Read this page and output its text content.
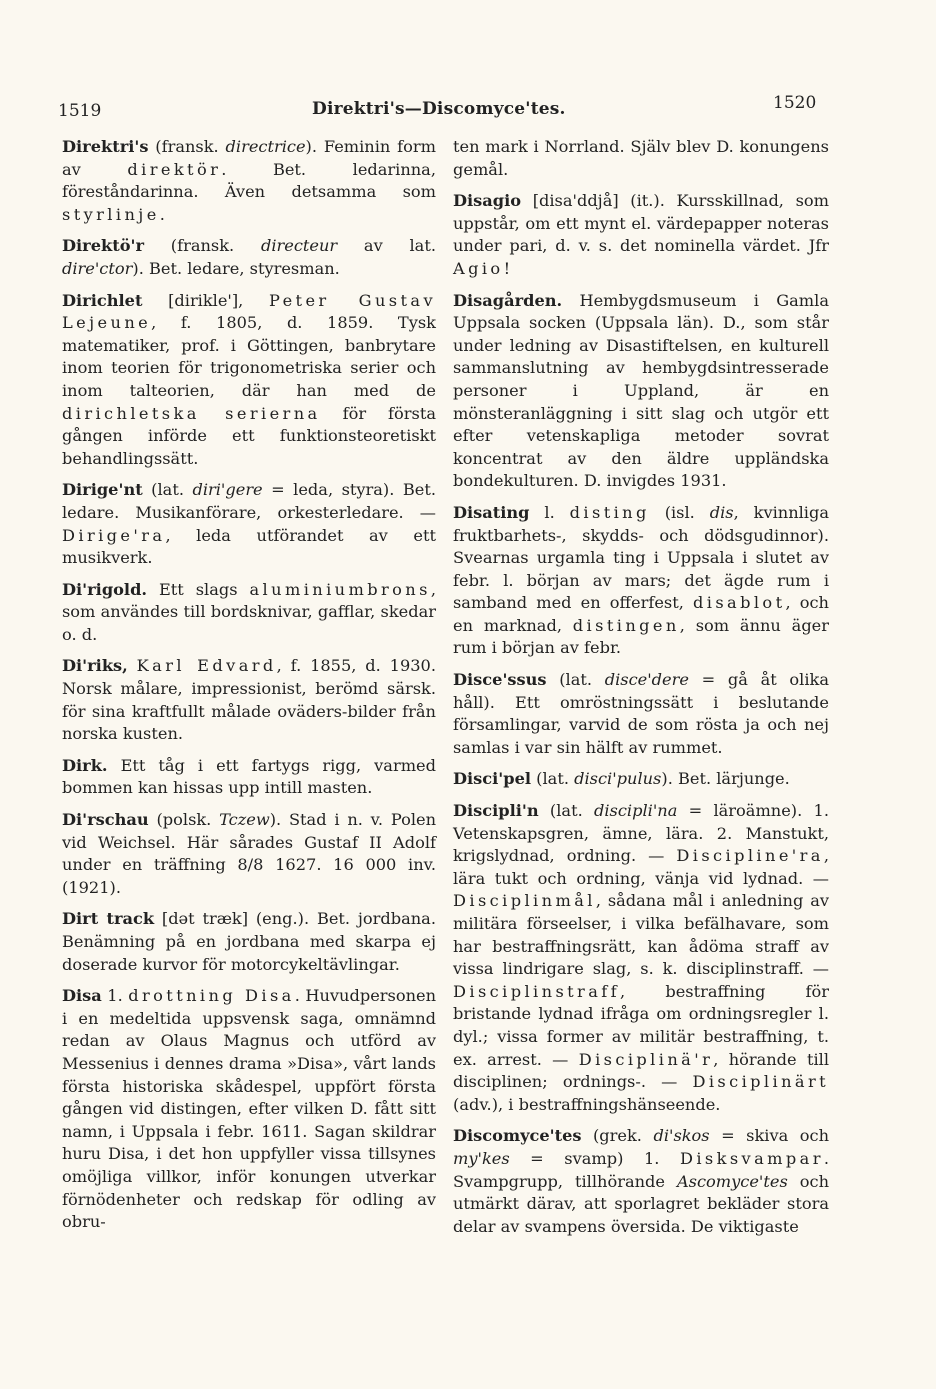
1519	Direktri's—Discomyce'tes.	1520

Direktri's (fransk. directrice). Feminin form av direktör. Bet. ledarinna, föreståndarinna. Även detsamma som styrlinje.

Direktö'r (fransk. directeur av lat. dire'ctor). Bet. ledare, styresman.

Dirichlet [dirikle'], Peter Gustav Lejeune, f. 1805, d. 1859. Tysk matematiker, prof. i Göttingen, banbrytare inom teorien för trigonometriska serier och inom talteorien, där han med de dirichletska serierna för första gången införde ett funktionsteoretiskt behandlingssätt.

Dirige'nt (lat. diri'gere = leda, styra). Bet. ledare. Musikanförare, orkesterledare. — Dirige'ra, leda utförandet av ett musikverk.

Di'rigold. Ett slags aluminiumbrons, som användes till bordsknivar, gafflar, skedar o. d.

Di'riks, Karl Edvard, f. 1855, d. 1930. Norsk målare, impressionist, berömd särsk. för sina kraftfullt målade oväders-bilder från norska kusten.

Dirk. Ett tåg i ett fartygs rigg, varmed bommen kan hissas upp intill masten.

Di'rschau (polsk. Tczew). Stad i n. v. Polen vid Weichsel. Här sårades Gustaf II Adolf under en träffning 8/8 1627. 16 000 inv. (1921).

Dirt track [dət træk] (eng.). Bet. jordbana. Benämning på en jordbana med skarpa ej doserade kurvor för motorcykeltävlingar.

Disa 1. drottning Disa. Huvudpersonen i en medeltida uppsvensk saga, omnämnd redan av Olaus Magnus och utförd av Messenius i dennes drama »Disa», vårt lands första historiska skådespel, uppfört första gången vid distingen, efter vilken D. fått sitt namn, i Uppsala i febr. 1611. Sagan skildrar huru Disa, i det hon uppfyller vissa tillsynes omöjliga villkor, inför konungen utverkar förnödenheter och redskap för odling av obru-

ten mark i Norrland. Själv blev D. konungens gemål.

Disagio [disa'ddjå] (it.). Kursskillnad, som uppstår, om ett mynt el. värdepapper noteras under pari, d. v. s. det nominella värdet. Jfr Agio!

Disagården. Hembygdsmuseum i Gamla Uppsala socken (Uppsala län). D., som står under ledning av Disastiftelsen, en kulturell sammanslutning av hembygdsintresserade personer i Uppland, är en mönsteranläggning i sitt slag och utgör ett efter vetenskapliga metoder sovrat koncentrat av den äldre uppländska bondekulturen. D. invigdes 1931.

Disating l. disting (isl. dis, kvinnliga fruktbarhets-, skydds- och dödsgudinnor). Svearnas urgamla ting i Uppsala i slutet av febr. l. början av mars; det ägde rum i samband med en offerfest, disablot, och en marknad, distingen, som ännu äger rum i början av febr.

Disce'ssus (lat. disce'dere = gå åt olika håll). Ett omröstningssätt i beslutande församlingar, varvid de som rösta ja och nej samlas i var sin hälft av rummet.

Disci'pel (lat. disci'pulus). Bet. lärjunge.

Discipli'n (lat. discipli'na = läroämne). 1. Vetenskapsgren, ämne, lära. 2. Manstukt, krigslydnad, ordning. — Discipline'ra, lära tukt och ordning, vänja vid lydnad. — Disciplinmål, sådana mål i anledning av militära förseelser, i vilka befälhavare, som har bestraffningsrätt, kan ådöma straff av vissa lindrigare slag, s. k. disciplinstraff. — Disciplinstraff, bestraffning för bristande lydnad ifråga om ordningsregler l. dyl.; vissa former av militär bestraffning, t. ex. arrest. — Disciplinä'r, hörande till disciplinen; ordnings-. — Disciplinärt (adv.), i bestraffningshänseende.

Discomyce'tes (grek. di'skos = skiva och my'kes = svamp) 1. Disksvampar. Svampgrupp, tillhörande Ascomyce'tes och utmärkt därav, att sporlagret bekläder stora delar av svampens översida. De viktigaste
